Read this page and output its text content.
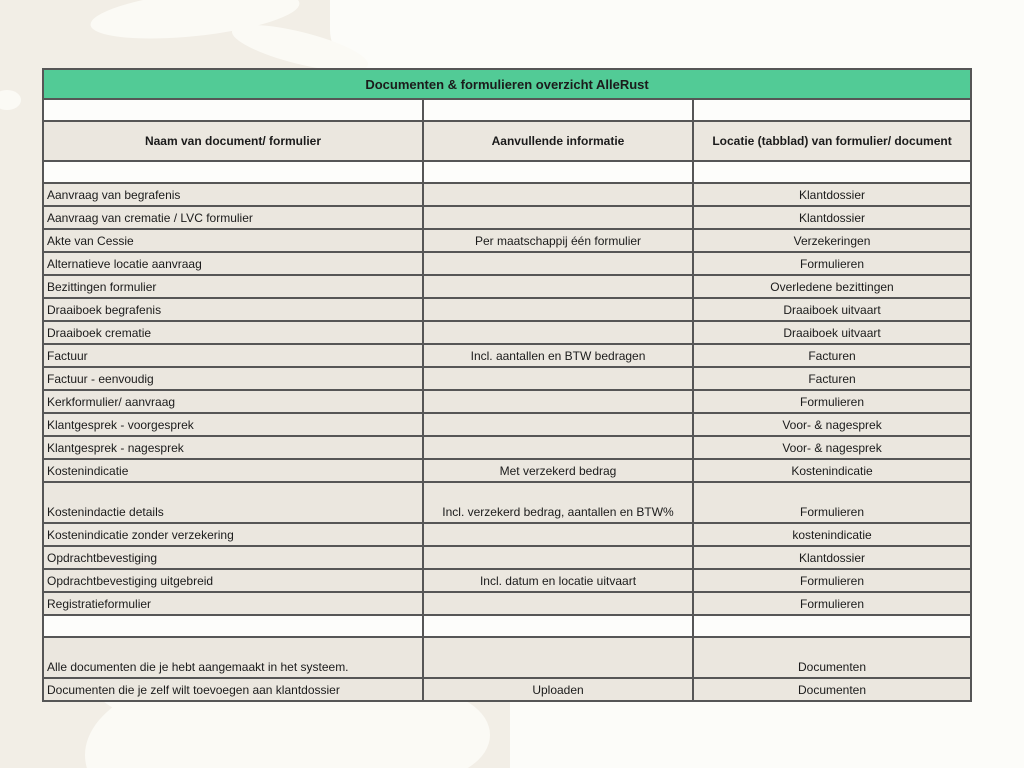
Documenten & formulieren overzicht AlleRust		

Naam van document/ formulier	Aanvullende informatie	Locatie (tabblad) van formulier/ document

Aanvraag van begrafenis		Klantdossier
Aanvraag van crematie / LVC formulier		Klantdossier
Akte van Cessie	Per maatschappij één formulier	Verzekeringen
Alternatieve locatie aanvraag		Formulieren
Bezittingen formulier		Overledene bezittingen
Draaiboek begrafenis		Draaiboek uitvaart
Draaiboek crematie		Draaiboek uitvaart
Factuur	Incl. aantallen en BTW bedragen	Facturen
Factuur - eenvoudig		Facturen
Kerkformulier/ aanvraag		Formulieren
Klantgesprek - voorgesprek		Voor- & nagesprek
Klantgesprek - nagesprek		Voor- & nagesprek
Kostenindicatie	Met verzekerd bedrag	Kostenindicatie
Kostenindactie details	Incl. verzekerd bedrag, aantallen en BTW%	Formulieren
Kostenindicatie zonder verzekering		kostenindicatie
Opdrachtbevestiging		Klantdossier
Opdrachtbevestiging uitgebreid	Incl. datum en locatie uitvaart	Formulieren
Registratieformulier		Formulieren

Alle documenten die je hebt aangemaakt in het systeem.		Documenten
Documenten die je zelf wilt toevoegen aan klantdossier	Uploaden	Documenten
